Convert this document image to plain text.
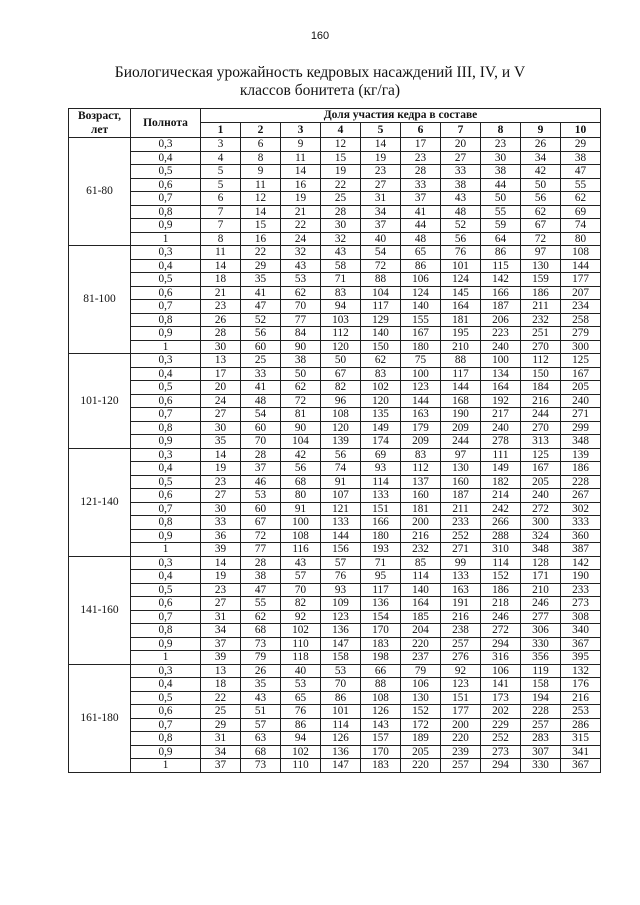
160
Биологическая урожайность кедровых насаждений III, IV, и V
классов бонитета (кг/га)
Возраст, лет	Полнота	Доля участия кедра в составе									
		1	2	3	4	5	6	7	8	9	10
61-80	0,3	3	6	9	12	14	17	20	23	26	29
	0,4	4	8	11	15	19	23	27	30	34	38
	0,5	5	9	14	19	23	28	33	38	42	47
	0,6	5	11	16	22	27	33	38	44	50	55
	0,7	6	12	19	25	31	37	43	50	56	62
	0,8	7	14	21	28	34	41	48	55	62	69
	0,9	7	15	22	30	37	44	52	59	67	74
	1	8	16	24	32	40	48	56	64	72	80
81-100	0,3	11	22	32	43	54	65	76	86	97	108
	0,4	14	29	43	58	72	86	101	115	130	144
	0,5	18	35	53	71	88	106	124	142	159	177
	0,6	21	41	62	83	104	124	145	166	186	207
	0,7	23	47	70	94	117	140	164	187	211	234
	0,8	26	52	77	103	129	155	181	206	232	258
	0,9	28	56	84	112	140	167	195	223	251	279
	1	30	60	90	120	150	180	210	240	270	300
101-120	0,3	13	25	38	50	62	75	88	100	112	125
	0,4	17	33	50	67	83	100	117	134	150	167
	0,5	20	41	62	82	102	123	144	164	184	205
	0,6	24	48	72	96	120	144	168	192	216	240
	0,7	27	54	81	108	135	163	190	217	244	271
	0,8	30	60	90	120	149	179	209	240	270	299
	0,9	35	70	104	139	174	209	244	278	313	348
121-140	0,3	14	28	42	56	69	83	97	111	125	139
	0,4	19	37	56	74	93	112	130	149	167	186
	0,5	23	46	68	91	114	137	160	182	205	228
	0,6	27	53	80	107	133	160	187	214	240	267
	0,7	30	60	91	121	151	181	211	242	272	302
	0,8	33	67	100	133	166	200	233	266	300	333
	0,9	36	72	108	144	180	216	252	288	324	360
	1	39	77	116	156	193	232	271	310	348	387
141-160	0,3	14	28	43	57	71	85	99	114	128	142
	0,4	19	38	57	76	95	114	133	152	171	190
	0,5	23	47	70	93	117	140	163	186	210	233
	0,6	27	55	82	109	136	164	191	218	246	273
	0,7	31	62	92	123	154	185	216	246	277	308
	0,8	34	68	102	136	170	204	238	272	306	340
	0,9	37	73	110	147	183	220	257	294	330	367
	1	39	79	118	158	198	237	276	316	356	395
161-180	0,3	13	26	40	53	66	79	92	106	119	132
	0,4	18	35	53	70	88	106	123	141	158	176
	0,5	22	43	65	86	108	130	151	173	194	216
	0,6	25	51	76	101	126	152	177	202	228	253
	0,7	29	57	86	114	143	172	200	229	257	286
	0,8	31	63	94	126	157	189	220	252	283	315
	0,9	34	68	102	136	170	205	239	273	307	341
	1	37	73	110	147	183	220	257	294	330	367
